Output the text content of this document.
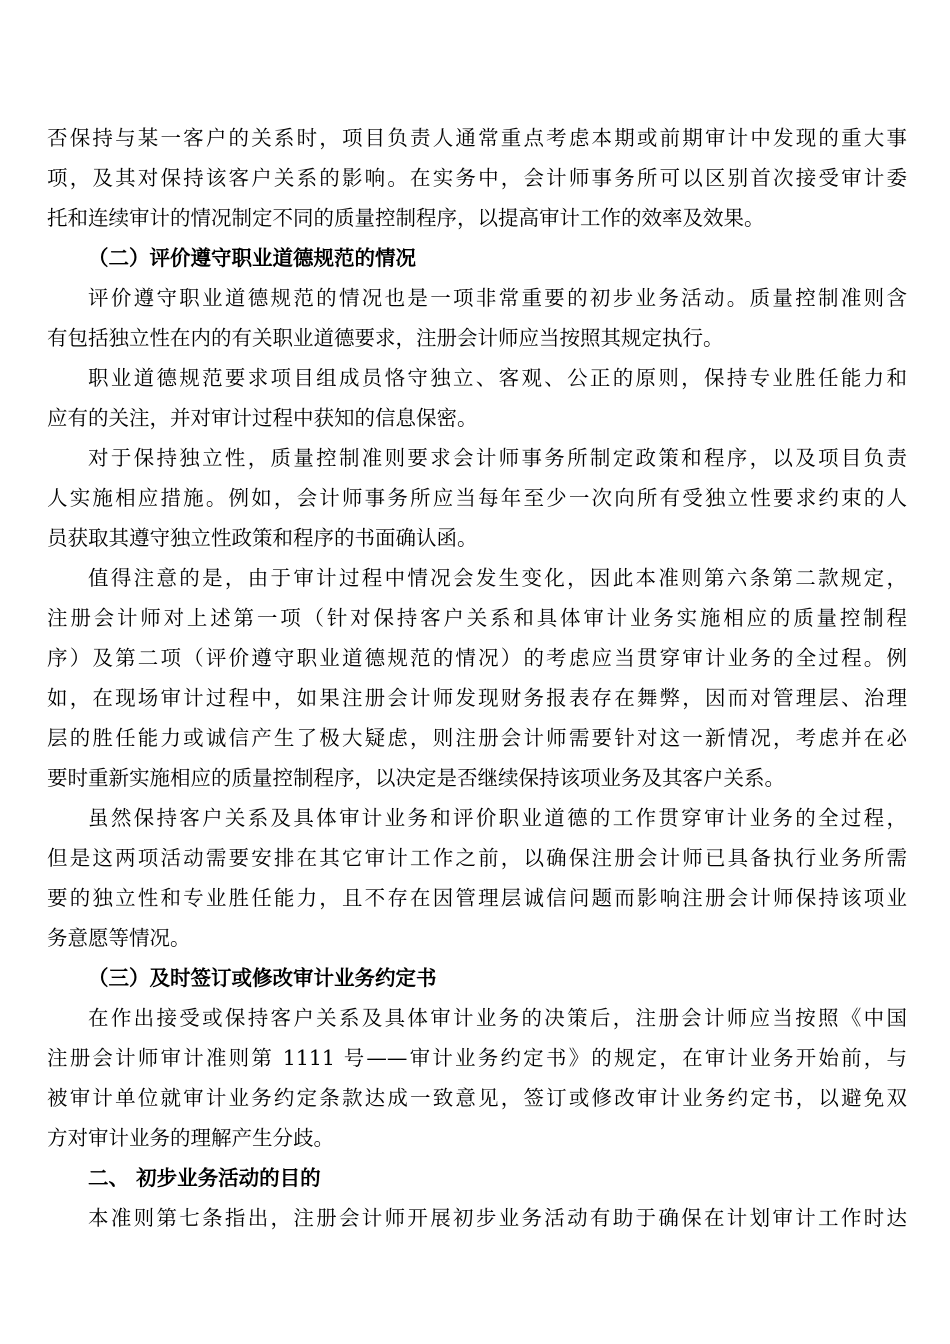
否保持与某一客户的关系时，项目负责人通常重点考虑本期或前期审计中发现的重大事
项，及其对保持该客户关系的影响。在实务中，会计师事务所可以区别首次接受审计委
托和连续审计的情况制定不同的质量控制程序，以提高审计工作的效率及效果。
（二）评价遵守职业道德规范的情况
评价遵守职业道德规范的情况也是一项非常重要的初步业务活动。质量控制准则含
有包括独立性在内的有关职业道德要求，注册会计师应当按照其规定执行。
职业道德规范要求项目组成员恪守独立、客观、公正的原则，保持专业胜任能力和
应有的关注，并对审计过程中获知的信息保密。
对于保持独立性，质量控制准则要求会计师事务所制定政策和程序，以及项目负责
人实施相应措施。例如，会计师事务所应当每年至少一次向所有受独立性要求约束的人
员获取其遵守独立性政策和程序的书面确认函。
值得注意的是，由于审计过程中情况会发生变化，因此本准则第六条第二款规定，
注册会计师对上述第一项（针对保持客户关系和具体审计业务实施相应的质量控制程
序）及第二项（评价遵守职业道德规范的情况）的考虑应当贯穿审计业务的全过程。例
如，在现场审计过程中，如果注册会计师发现财务报表存在舞弊，因而对管理层、治理
层的胜任能力或诚信产生了极大疑虑，则注册会计师需要针对这一新情况，考虑并在必
要时重新实施相应的质量控制程序，以决定是否继续保持该项业务及其客户关系。
虽然保持客户关系及具体审计业务和评价职业道德的工作贯穿审计业务的全过程，
但是这两项活动需要安排在其它审计工作之前，以确保注册会计师已具备执行业务所需
要的独立性和专业胜任能力，且不存在因管理层诚信问题而影响注册会计师保持该项业
务意愿等情况。
（三）及时签订或修改审计业务约定书
在作出接受或保持客户关系及具体审计业务的决策后，注册会计师应当按照《中国
注册会计师审计准则第 1111 号——审计业务约定书》的规定，在审计业务开始前，与
被审计单位就审计业务约定条款达成一致意见，签订或修改审计业务约定书，以避免双
方对审计业务的理解产生分歧。
二、 初步业务活动的目的
本准则第七条指出，注册会计师开展初步业务活动有助于确保在计划审计工作时达
